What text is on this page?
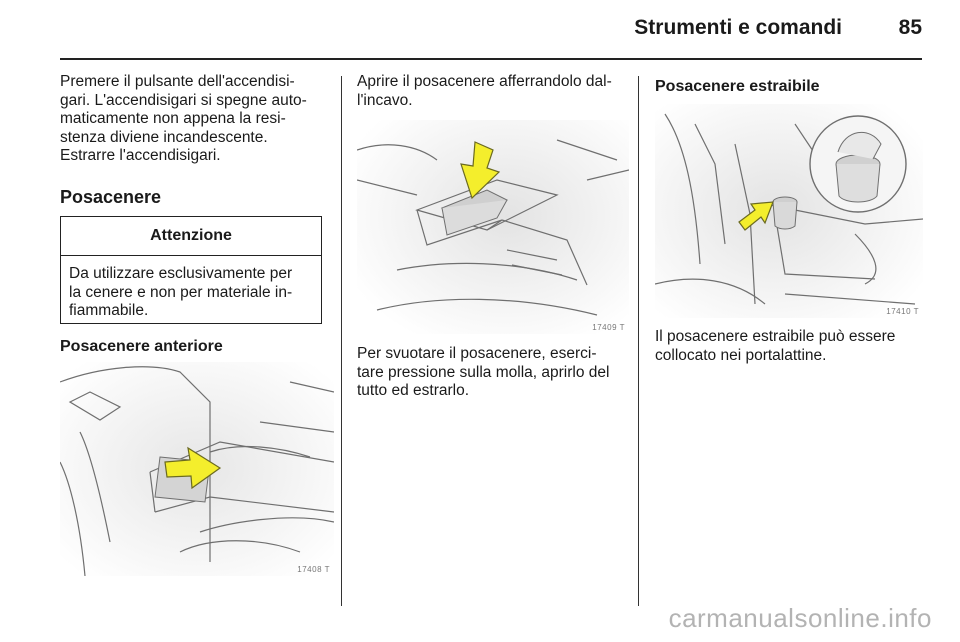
Strumenti e comandi	85
Premere il pulsante dell'accendisi-
gari. L'accendisigari si spegne auto-
maticamente non appena la resi-
stenza diviene incandescente.
Estrarre l'accendisigari.
Posacenere
Attenzione
Da utilizzare esclusivamente per
la cenere e non per materiale in-
fiammabile.
Posacenere anteriore
17408 T
Aprire il posacenere afferrandolo dal-
l'incavo.
17409 T
Per svuotare il posacenere, eserci-
tare pressione sulla molla, aprirlo del
tutto ed estrarlo.
Posacenere estraibile
17410 T
Il posacenere estraibile può essere
collocato nei portalattine.
carmanualsonline.info
